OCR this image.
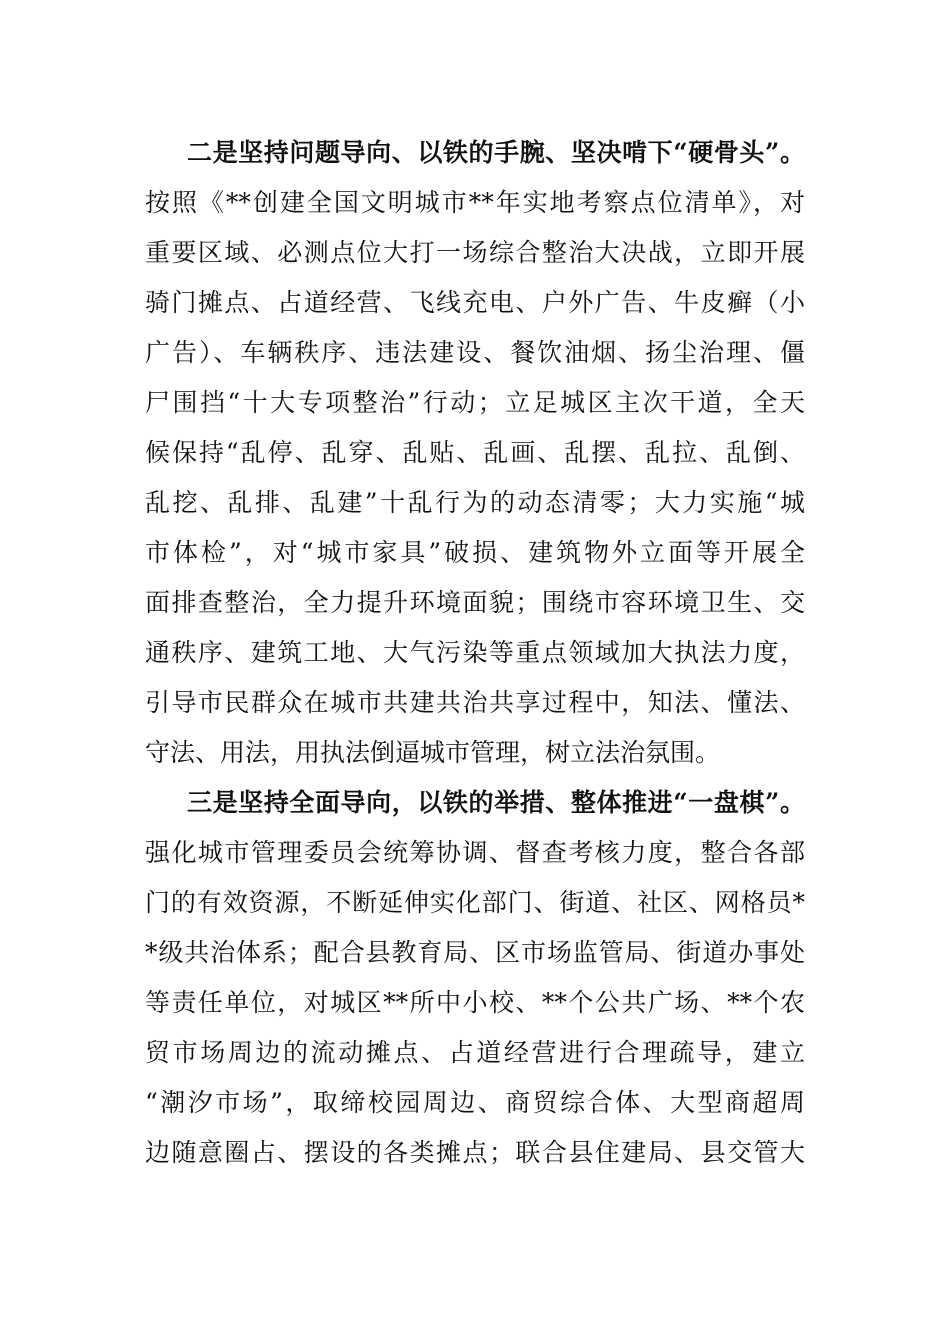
二是坚持问题导向、以铁的手腕、坚决啃下“硬骨头”。
按照《**创建全国文明城市**年实地考察点位清单》，对
重要区域、必测点位大打一场综合整治大决战，立即开展
骑门摊点、占道经营、飞线充电、户外广告、牛皮癣（小
广告）、车辆秩序、违法建设、餐饮油烟、扬尘治理、僵
尸围挡“十大专项整治”行动；立足城区主次干道，全天
候保持“乱停、乱穿、乱贴、乱画、乱摆、乱拉、乱倒、
乱挖、乱排、乱建”十乱行为的动态清零；大力实施“城
市体检”，对“城市家具”破损、建筑物外立面等开展全
面排查整治，全力提升环境面貌；围绕市容环境卫生、交
通秩序、建筑工地、大气污染等重点领域加大执法力度，
引导市民群众在城市共建共治共享过程中，知法、懂法、
守法、用法，用执法倒逼城市管理，树立法治氛围。
三是坚持全面导向，以铁的举措、整体推进“一盘棋”。
强化城市管理委员会统筹协调、督查考核力度，整合各部
门的有效资源，不断延伸实化部门、街道、社区、网格员*
*级共治体系；配合县教育局、区市场监管局、街道办事处
等责任单位，对城区**所中小校、**个公共广场、**个农
贸市场周边的流动摊点、占道经营进行合理疏导，建立
“潮汐市场”，取缔校园周边、商贸综合体、大型商超周
边随意圈占、摆设的各类摊点；联合县住建局、县交管大
